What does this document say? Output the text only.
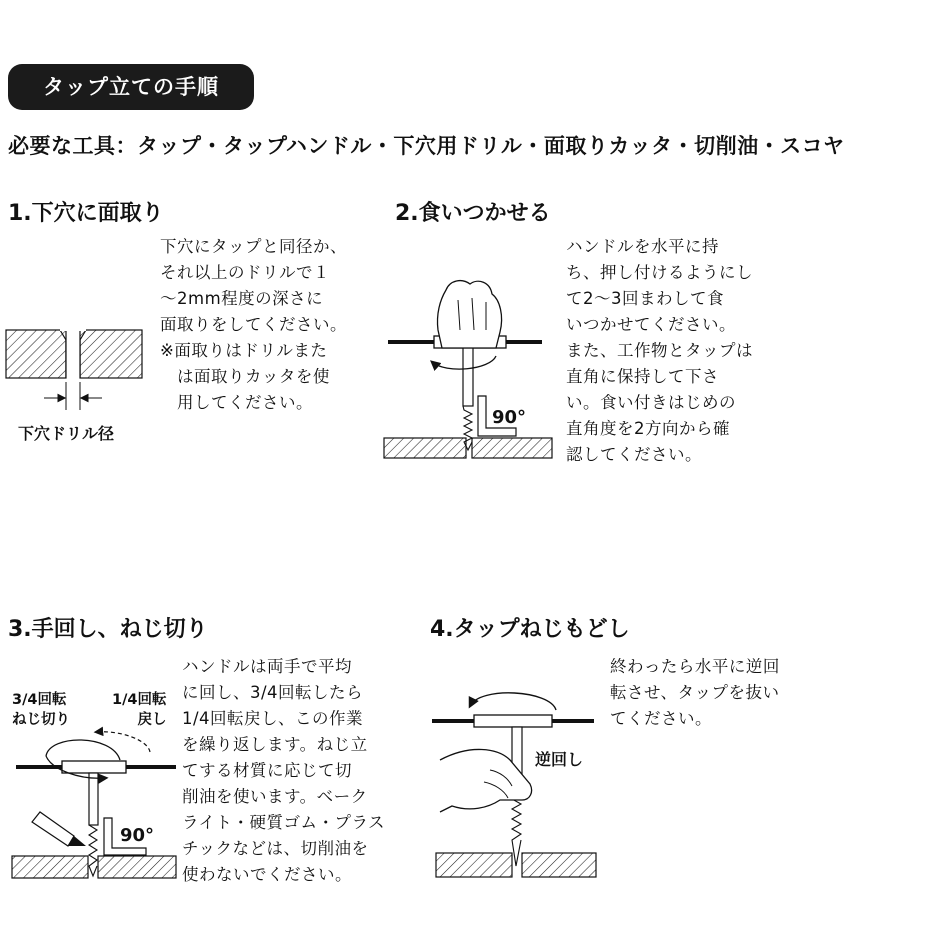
タップ立ての手順
必要な工具：タップ・タップハンドル・下穴用ドリル・面取りカッタ・切削油・スコヤ
1.下穴に面取り	2.食いつかせる
3.手回し、ねじ切り	4.タップねじもどし
下穴にタップと同径か、
それ以上のドリルで１
～2mm程度の深さに
面取りをしてください。
※面取りはドリルまた
　は面取りカッタを使
　用してください。
ハンドルを水平に持
ち、押し付けるようにし
て2～3回まわして食
いつかせてください。
また、工作物とタップは
直角に保持して下さ
い。食い付きはじめの
直角度を2方向から確
認してください。
ハンドルは両手で平均
に回し、3/4回転したら
1/4回転戻し、この作業
を繰り返します。ねじ立
てする材質に応じて切
削油を使います。ベーク
ライト・硬質ゴム・プラス
チックなどは、切削油を
使わないでください。
終わったら水平に逆回
転させ、タップを抜い
てください。
下穴ドリル径
90°
3/4回転
ねじ切り
1/4回転
戻し
90°
逆回し
